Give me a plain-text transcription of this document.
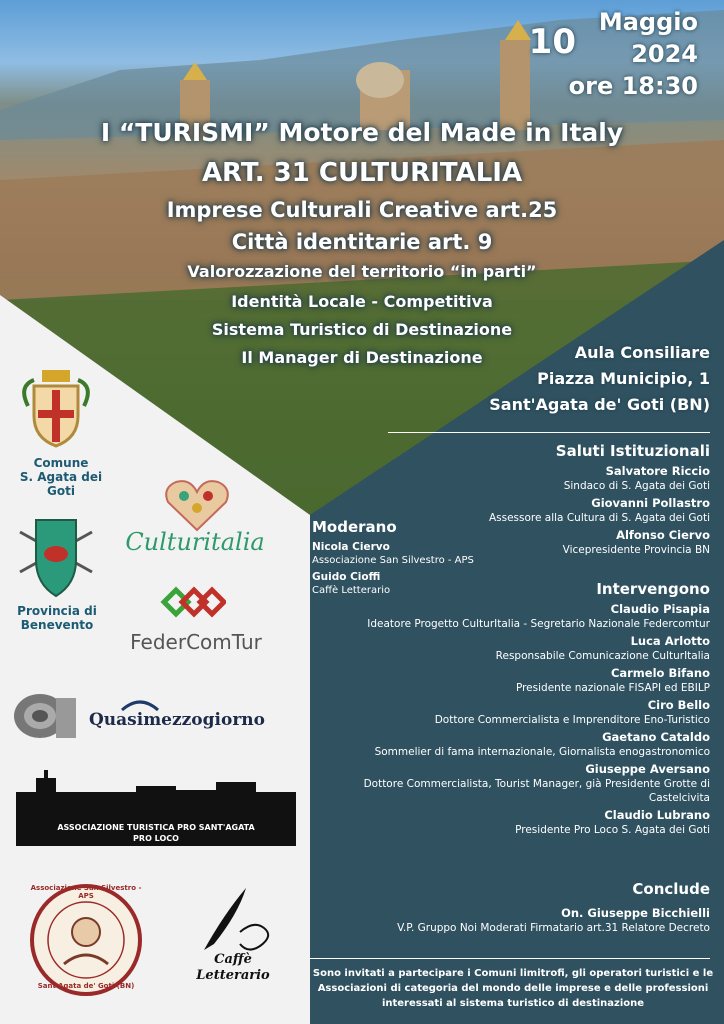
10 Maggio
2024
ore 18:30
I “TURISMI” Motore del Made in Italy
ART. 31 CULTURITALIA
Imprese Culturali Creative art.25
Città identitarie art. 9
Valorozzazione del territorio “in parti”
Identità Locale - Competitiva
Sistema Turistico di Destinazione
Il Manager di Destinazione	Aula Consiliare
Piazza Municipio, 1
Sant'Agata de' Goti (BN)
Saluti Istituzionali
Salvatore Riccio
Sindaco di S. Agata dei Goti
Giovanni Pollastro
Assessore alla Cultura di S. Agata dei Goti
Alfonso Ciervo
Vicepresidente Provincia BN
Moderano
Nicola Ciervo
Associazione San Silvestro - APS
Guido Cioffi
Caffè Letterario	Intervengono
Claudio Pisapia
Ideatore Progetto CulturItalia - Segretario Nazionale Federcomtur
Luca Arlotto
Responsabile Comunicazione CulturItalia
Carmelo Bifano
Presidente nazionale FISAPI ed EBILP
Ciro Bello
Dottore Commercialista e Imprenditore Eno-Turistico
Gaetano Cataldo
Sommelier di fama internazionale, Giornalista enogastronomico
Giuseppe Aversano
Dottore Commercialista, Tourist Manager, già Presidente Grotte di
Castelcivita
Claudio Lubrano
Presidente Pro Loco S. Agata dei Goti
Conclude
On. Giuseppe Bicchielli
V.P. Gruppo Noi Moderati Firmatario art.31 Relatore Decreto
Sono invitati a partecipare i Comuni limitrofi, gli operatori turistici e le
Associazioni di categoria del mondo delle imprese e delle professioni
interessati al sistema turistico di destinazione
Comune
S. Agata dei Goti
Provincia di
Benevento
Culturitalia
FederComTur
Quasimezzogiorno
ASSOCIAZIONE TURISTICA PRO SANT'AGATA
PRO LOCO
Associazione San Silvestro - APS
Sant'Agata de' Goti (BN)
Caffè
Letterario
